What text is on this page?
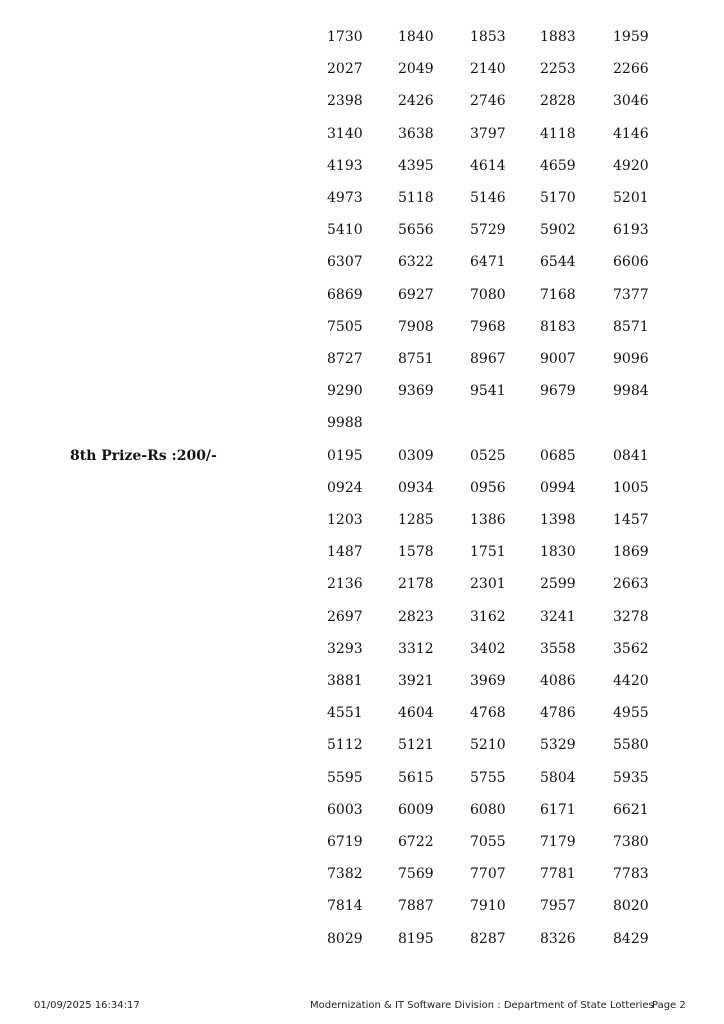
1730	1840	1853 1883	1959
2027	2049	2140 2253	2266
2398	2426	2746 2828	3046
3140	3638	3797 4118	4146
4193	4395	4614 4659	4920
4973	5118	5146 5170	5201
5410	5656	5729 5902	6193
6307	6322	6471 6544	6606
6869	6927	7080 7168	7377
7505	7908	7968 8183	8571
8727	8751	8967 9007	9096
9290	9369	9541 9679	9984
9988
8th Prize-Rs :200/-	0195	0309	0525 0685	0841
0924	0934	0956 0994	1005
1203	1285	1386 1398	1457
1487	1578	1751 1830	1869
2136	2178	2301 2599	2663
2697	2823	3162 3241	3278
3293	3312	3402 3558	3562
3881	3921	3969 4086	4420
4551	4604	4768 4786	4955
5112	5121	5210 5329	5580
5595	5615	5755 5804	5935
6003	6009	6080 6171	6621
6719	6722	7055 7179	7380
7382	7569	7707 7781	7783
7814	7887	7910 7957	8020
8029	8195	8287 8326	8429
01/09/2025 16:34:17	Modernization & IT Software Division : Department of State Lotteries
Page 2
